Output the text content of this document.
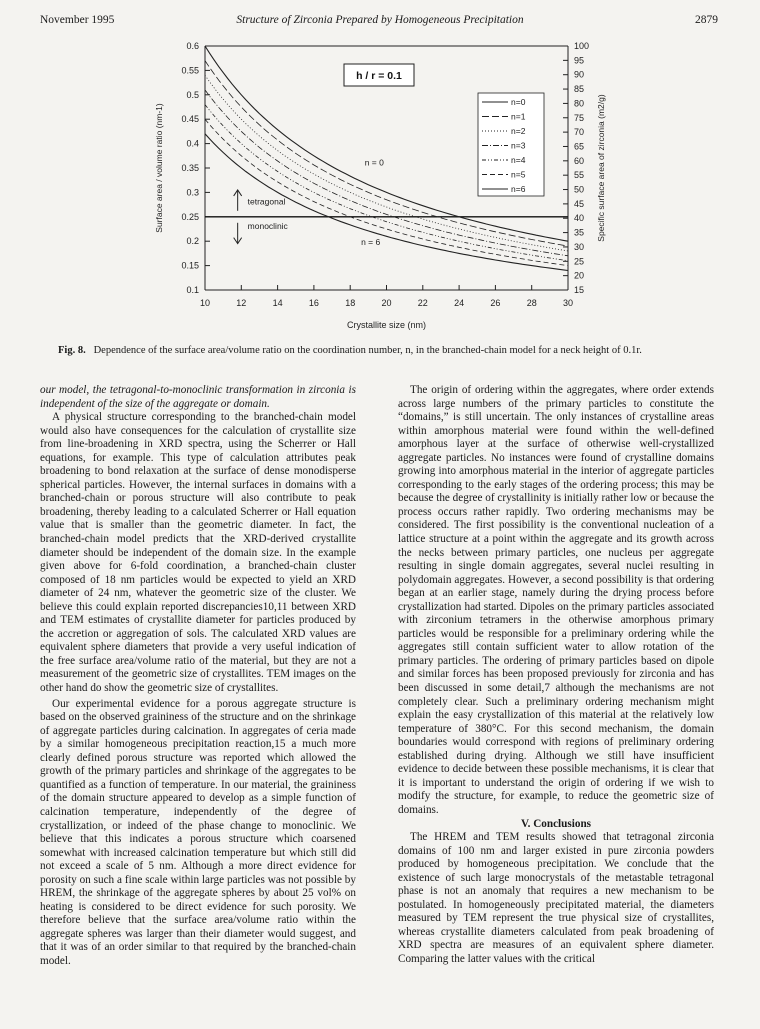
November 1995	Structure of Zirconia Prepared by Homogeneous Precipitation	2879
10	12	14	16	18	20	22	24	26	28	30
0.6
0.55
0.5
0.45
0.4
0.35
0.3
0.25
0.2
0.15
0.1
100
95
90
85
80
75
70
65
60
55
50
45
40
35
30
25
20
15
Crystallite size (nm)
Surface area / volume ratio (nm-1)	Specific surface area of zirconia (m2/g)
h / r = 0.1
n=0
n=1
n=2
n=3
n=4
n=5
n=6
n = 0
n = 6
tetragonal
monoclinic
Fig. 8. Dependence of the surface area/volume ratio on the coordination number, n, in the branched-chain model for a neck height of 0.1r.

our model, the tetragonal-to-monoclinic transformation in zirconia is independent of the size of the aggregate or domain.

A physical structure corresponding to the branched-chain model would also have consequences for the calculation of crystallite size from line-broadening in XRD spectra, using the Scherrer or Hall equations, for example. This type of calculation attributes peak broadening to bond relaxation at the surface of dense monodisperse spherical particles. However, the internal surfaces in domains with a branched-chain or porous structure will also contribute to peak broadening, thereby leading to a calculated Scherrer or Hall equation value that is smaller than the geometric diameter. In fact, the branched-chain model predicts that the XRD-derived crystallite diameter should be independent of the domain size. In the example given above for 6-fold coordination, a branched-chain cluster composed of 18 nm particles would be expected to yield an XRD diameter of 24 nm, whatever the geometric size of the cluster. We believe this could explain reported discrepancies10,11 between XRD and TEM estimates of crystallite diameter for particles produced by the accretion or aggregation of sols. The calculated XRD values are equivalent sphere diameters that provide a very useful indication of the free surface area/volume ratio of the material, but they are not a measurement of the geometric size of crystallites. TEM images on the other hand do show the geometric size of crystallites.

Our experimental evidence for a porous aggregate structure is based on the observed graininess of the structure and on the shrinkage of aggregate particles during calcination. In aggregates of ceria made by a similar homogeneous precipitation reaction,15 a much more clearly defined porous structure was reported which allowed the growth of the primary particles and shrinkage of the aggregates to be quantified as a function of temperature. In our material, the graininess of the domain structure appeared to develop as a simple function of calcination temperature, independently of the degree of crystallization, or indeed of the phase change to monoclinic. We believe that this indicates a porous structure which coarsened somewhat with increased calcination temperature but which still did not exceed a scale of 5 nm. Although a more direct evidence for porosity on such a fine scale within large particles was not possible by HREM, the shrinkage of the aggregate spheres by about 25 vol% on heating is considered to be direct evidence for such porosity. We therefore believe that the surface area/volume ratio within the aggregate spheres was larger than their diameter would suggest, and that it was of an order similar to that required by the branched-chain model.

The origin of ordering within the aggregates, where order extends across large numbers of the primary particles to constitute the “domains,” is still uncertain. The only instances of crystalline areas within amorphous material were found within the well-defined amorphous layer at the surface of otherwise well-crystallized aggregate particles. No instances were found of crystalline domains growing into amorphous material in the interior of aggregate particles corresponding to the early stages of the ordering process; this may be because the degree of crystallinity is initially rather low or because the process occurs rather rapidly. Two ordering mechanisms may be considered. The first possibility is the conventional nucleation of a lattice structure at a point within the aggregate and its growth across the necks between primary particles, one nucleus per aggregate resulting in single domain aggregates, several nuclei resulting in polydomain aggregates. However, a second possibility is that ordering began at an earlier stage, namely during the drying process before crystallization had started. Dipoles on the primary particles associated with zirconium tetramers in the otherwise amorphous primary particles would be responsible for a preliminary ordering while the aggregates still contain sufficient water to allow rotation of the primary particles. The ordering of primary particles based on dipole and similar forces has been proposed previously for zirconia and has been discussed in some detail,7 although the mechanisms are not completely clear. Such a preliminary ordering mechanism might explain the easy crystallization of this material at the relatively low temperature of 380°C. For this second mechanism, the domain boundaries would correspond with regions of preliminary ordering established during drying. Although we still have insufficient evidence to decide between these possible mechanisms, it is clear that it is important to understand the origin of ordering if we wish to modify the structure, for example, to reduce the geometric size of domains.

V. Conclusions

The HREM and TEM results showed that tetragonal zirconia domains of 100 nm and larger existed in pure zirconia powders produced by homogeneous precipitation. We conclude that the existence of such large monocrystals of the metastable tetragonal phase is not an anomaly that requires a new mechanism to be postulated. In homogeneously precipitated material, the diameters measured by TEM represent the true physical size of crystallites, whereas crystallite diameters calculated from peak broadening of XRD spectra are measures of an equivalent sphere diameter. Comparing the latter values with the critical
